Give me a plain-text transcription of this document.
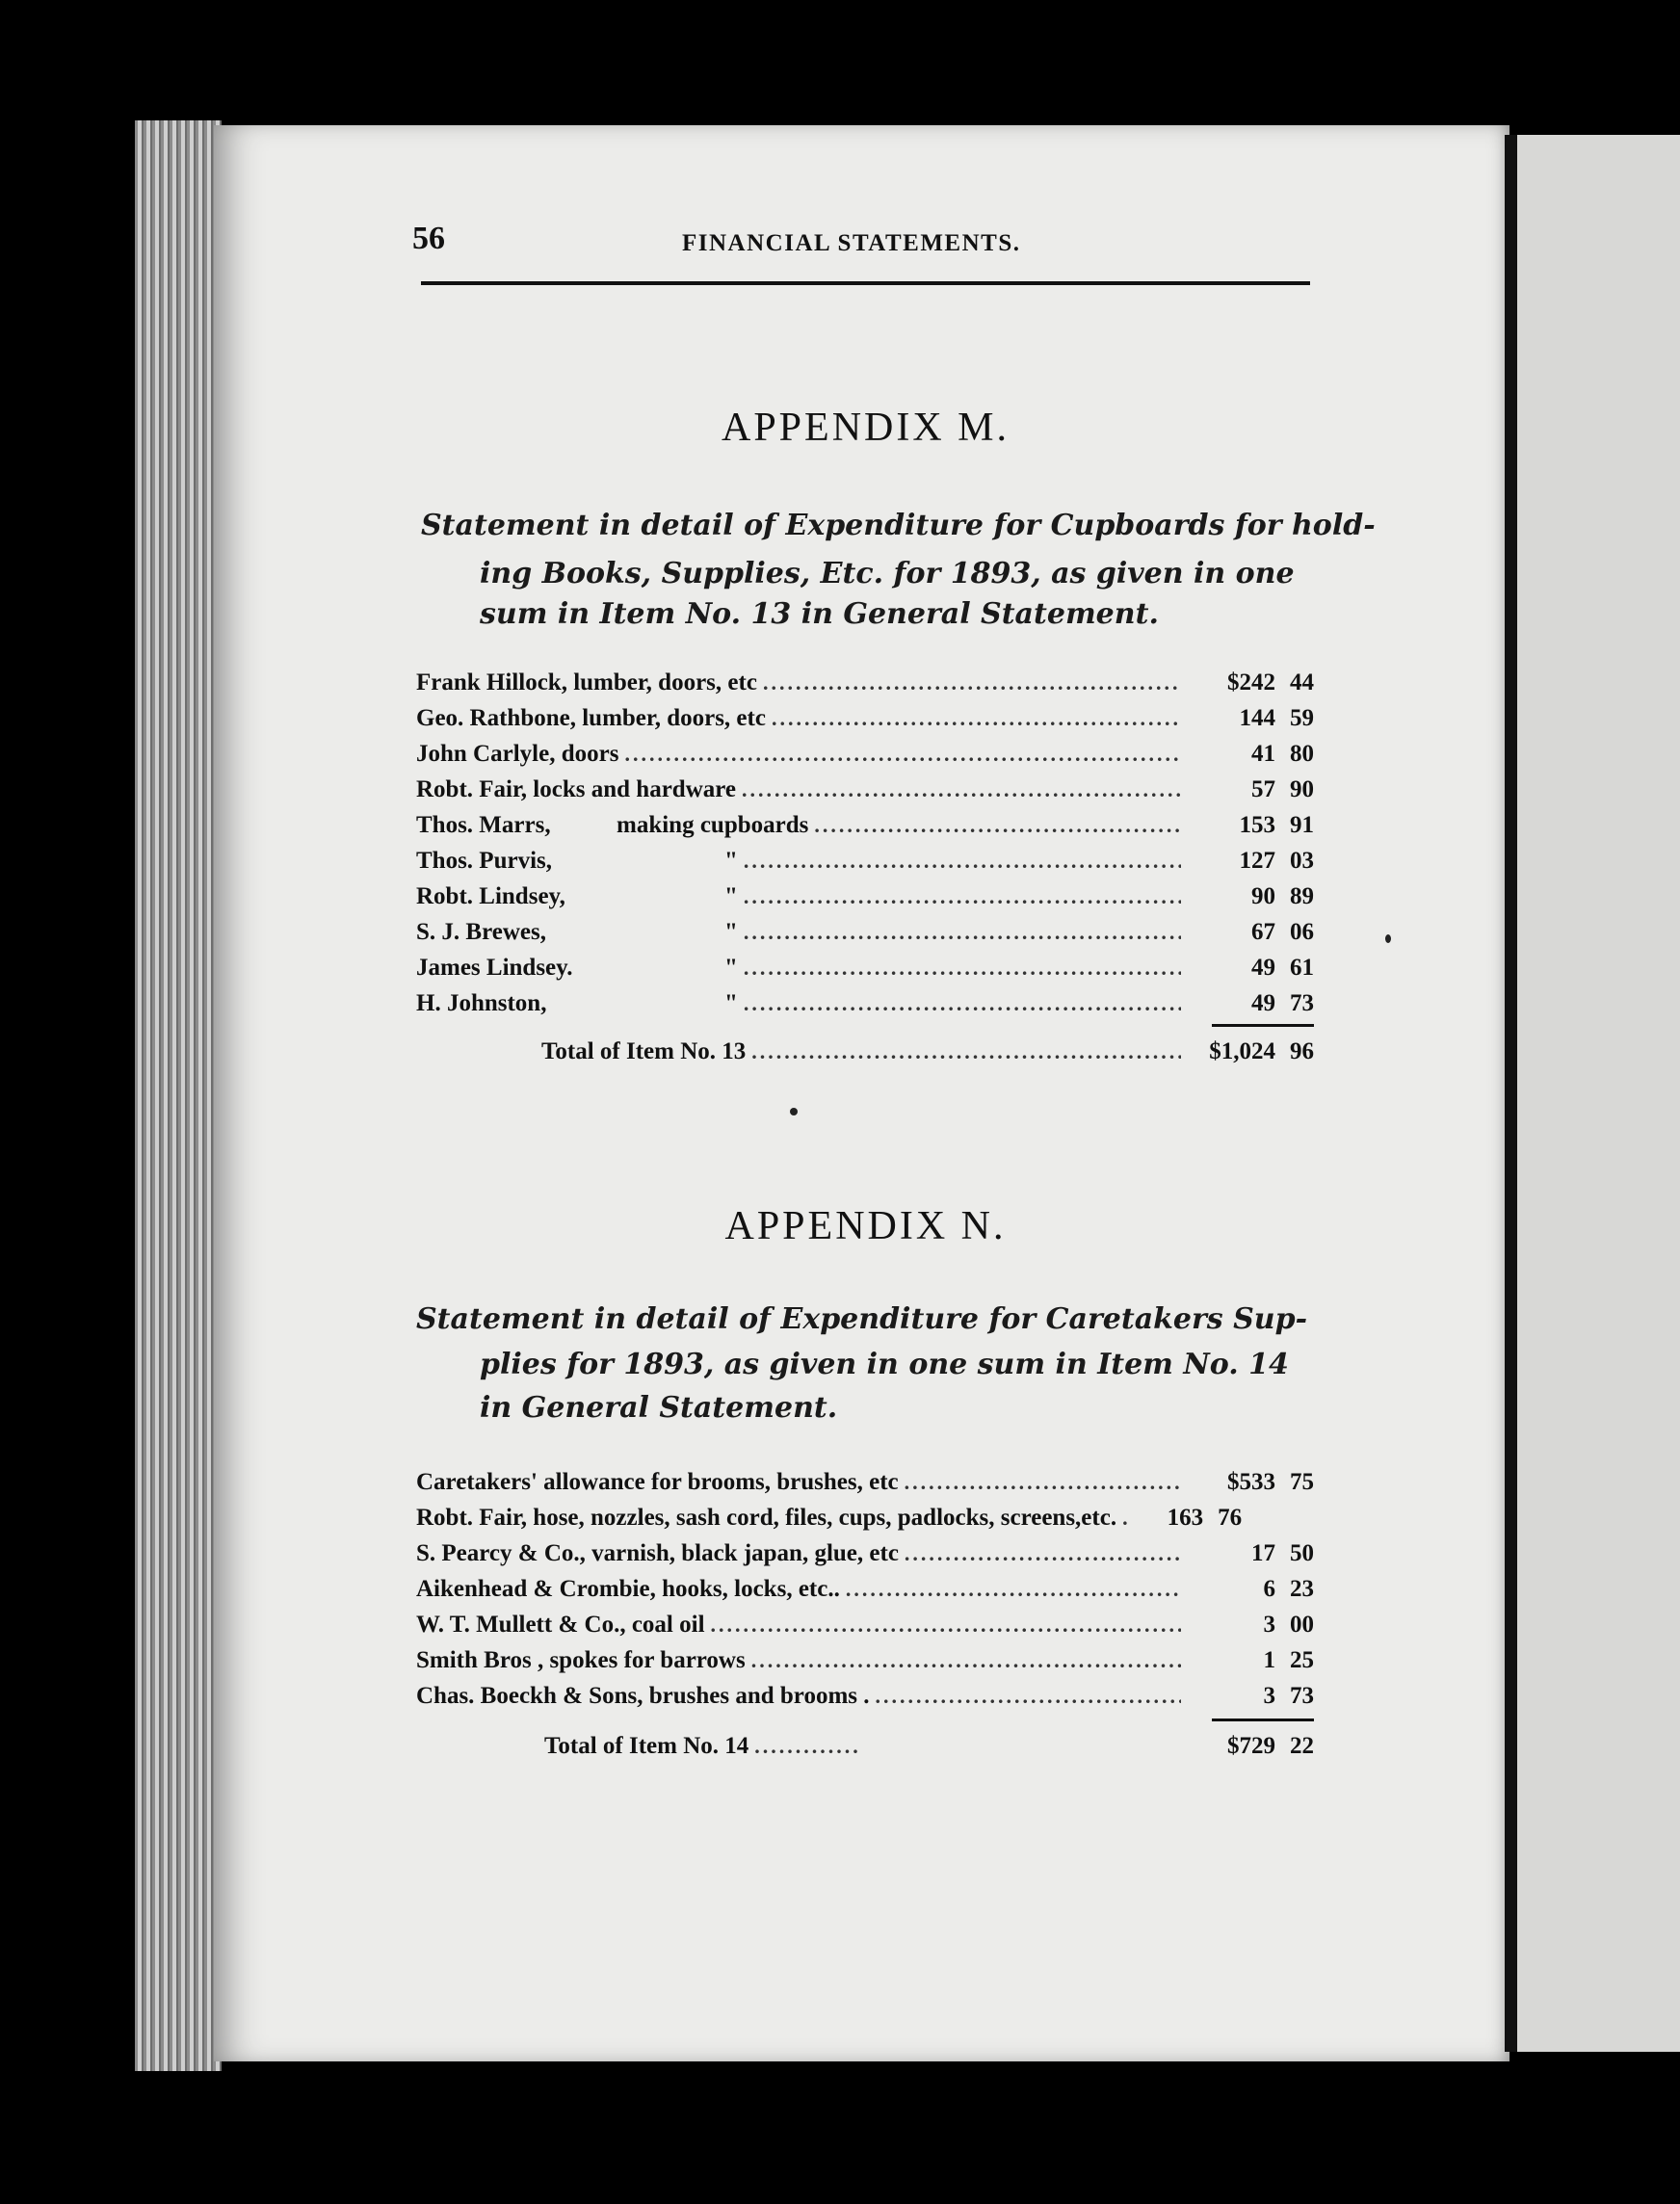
56	FINANCIAL STATEMENTS.
APPENDIX M.
Statement in detail of Expenditure for Cupboards for hold-
ing Books, Supplies, Etc. for 1893, as given in one
sum in Item No. 13 in General Statement.
Frank Hillock, lumber, doors, etc .....	$242 44
Geo. Rathbone, lumber, doors, etc .....	144 59
John Carlyle, doors .....	41 80
Robt. Fair, locks and hardware .....	57 90
Thos. Marrs,	making cupboards .....	153 91
Thos. Purvis,	" .....	127 03
Robt. Lindsey,	" .....	90 89
S. J. Brewes,	" .....	67 06
James Lindsey.	" .....	49 61
H. Johnston,	" .....	49 73
Total of Item No. 13 .....	$1,024 96
APPENDIX N.
Statement in detail of Expenditure for Caretakers Sup-
plies for 1893, as given in one sum in Item No. 14
in General Statement.
Caretakers' allowance for brooms, brushes, etc .....	$533 75
Robt. Fair, hose, nozzles, sash cord, files, cups, padlocks, screens,etc. .....	163 76
S. Pearcy & Co., varnish, black japan, glue, etc .....	17 50
Aikenhead & Crombie, hooks, locks, etc.. .....	6 23
W. T. Mullett & Co., coal oil .....	3 00
Smith Bros , spokes for barrows .....	1 25
Chas. Boeckh & Sons, brushes and brooms . .....	3 73
Total of Item No. 14 .....	$729 22
